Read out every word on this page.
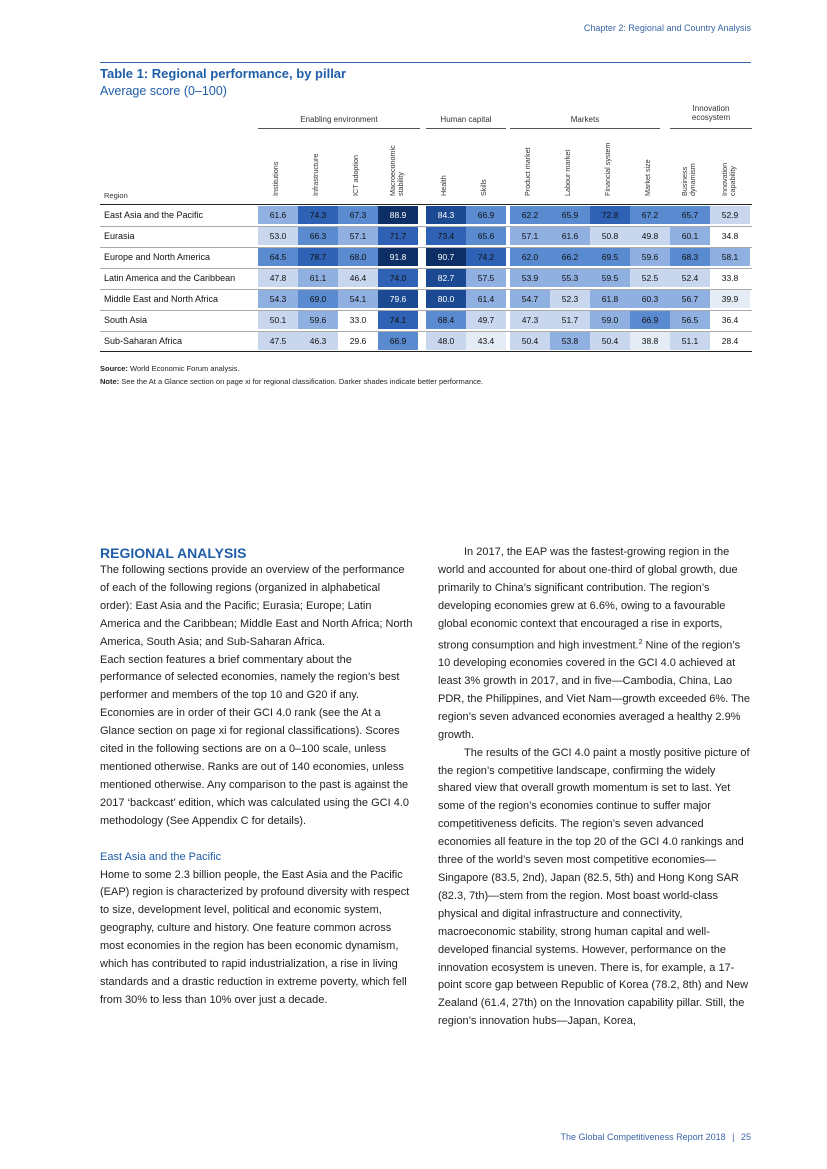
Chapter 2: Regional and Country Analysis
Table 1: Regional performance, by pillar
Average score (0–100)
Enabling environment	Human capital	Markets
Innovation
ecosystem
Institutions	Infrastructure	ICT adoption	Macroeconomic stability	Health	Skills	Product market	Labour market	Financial system	Market size	Business dynamism	Innovation capability
Region
East Asia and the Pacific	61.6	74.3	67.3	88.9	84.3	66.9	62.2	65.9	72.8	67.2	65.7	52.9
Eurasia	53.0	66.3	57.1	71.7	73.4	65.6	57.1	61.6	50.8	49.8	60.1	34.8
Europe and North America	64.5	78.7	68.0	91.8	90.7	74.2	62.0	66.2	69.5	59.6	68.3	58.1
Latin America and the Caribbean	47.8	61.1	46.4	74.0	82.7	57.5	53.9	55.3	59.5	52.5	52.4	33.8
Middle East and North Africa	54.3	69.0	54.1	79.6	80.0	61.4	54.7	52.3	61.8	60.3	56.7	39.9
South Asia	50.1	59.6	33.0	74.1	68.4	49.7	47.3	51.7	59.0	66.9	56.5	36.4
Sub-Saharan Africa	47.5	46.3	29.6	66.9	48.0	43.4	50.4	53.8	50.4	38.8	51.1	28.4
Source: World Economic Forum analysis.
Note: See the At a Glance section on page xi for regional classification. Darker shades indicate better performance.

REGIONAL ANALYSIS

The following sections provide an overview of the performance of each of the following regions (organized in alphabetical order): East Asia and the Pacific; Eurasia; Europe; Latin America and the Caribbean; Middle East and North Africa; North America, South Asia; and Sub-Saharan Africa.

Each section features a brief commentary about the performance of selected economies, namely the region’s best performer and members of the top 10 and G20 if any. Economies are in order of their GCI 4.0 rank (see the At a Glance section on page xi for regional classifications). Scores cited in the following sections are on a 0–100 scale, unless mentioned otherwise. Ranks are out of 140 economies, unless mentioned otherwise. Any comparison to the past is against the 2017 ‘backcast’ edition, which was calculated using the GCI 4.0 methodology (See Appendix C for details).

East Asia and the Pacific

Home to some 2.3 billion people, the East Asia and the Pacific (EAP) region is characterized by profound diversity with respect to size, development level, political and economic system, geography, culture and history. One feature common across most economies in the region has been economic dynamism, which has contributed to rapid industrialization, a rise in living standards and a drastic reduction in extreme poverty, which fell from 30% to less than 10% over just a decade.

In 2017, the EAP was the fastest-growing region in the world and accounted for about one-third of global growth, due primarily to China’s significant contribution. The region’s developing economies grew at 6.6%, owing to a favourable global economic context that encouraged a rise in exports, strong consumption and high investment.$^2$ Nine of the region’s 10 developing economies covered in the GCI 4.0 achieved at least 3% growth in 2017, and in five—Cambodia, China, Lao PDR, the Philippines, and Viet Nam—growth exceeded 6%. The region’s seven advanced economies averaged a healthy 2.9% growth.

The results of the GCI 4.0 paint a mostly positive picture of the region’s competitive landscape, confirming the widely shared view that overall growth momentum is set to last. Yet some of the region’s economies continue to suffer major competitiveness deficits. The region’s seven advanced economies all feature in the top 20 of the GCI 4.0 rankings and three of the world’s seven most competitive economies—Singapore (83.5, 2nd), Japan (82.5, 5th) and Hong Kong SAR (82.3, 7th)—stem from the region. Most boast world-class physical and digital infrastructure and connectivity, macroeconomic stability, strong human capital and well-developed financial systems. However, performance on the innovation ecosystem is uneven. There is, for example, a 17-point score gap between Republic of Korea (78.2, 8th) and New Zealand (61.4, 27th) on the Innovation capability pillar. Still, the region’s innovation hubs—Japan, Korea,

The Global Competitiveness Report 2018 | 25
